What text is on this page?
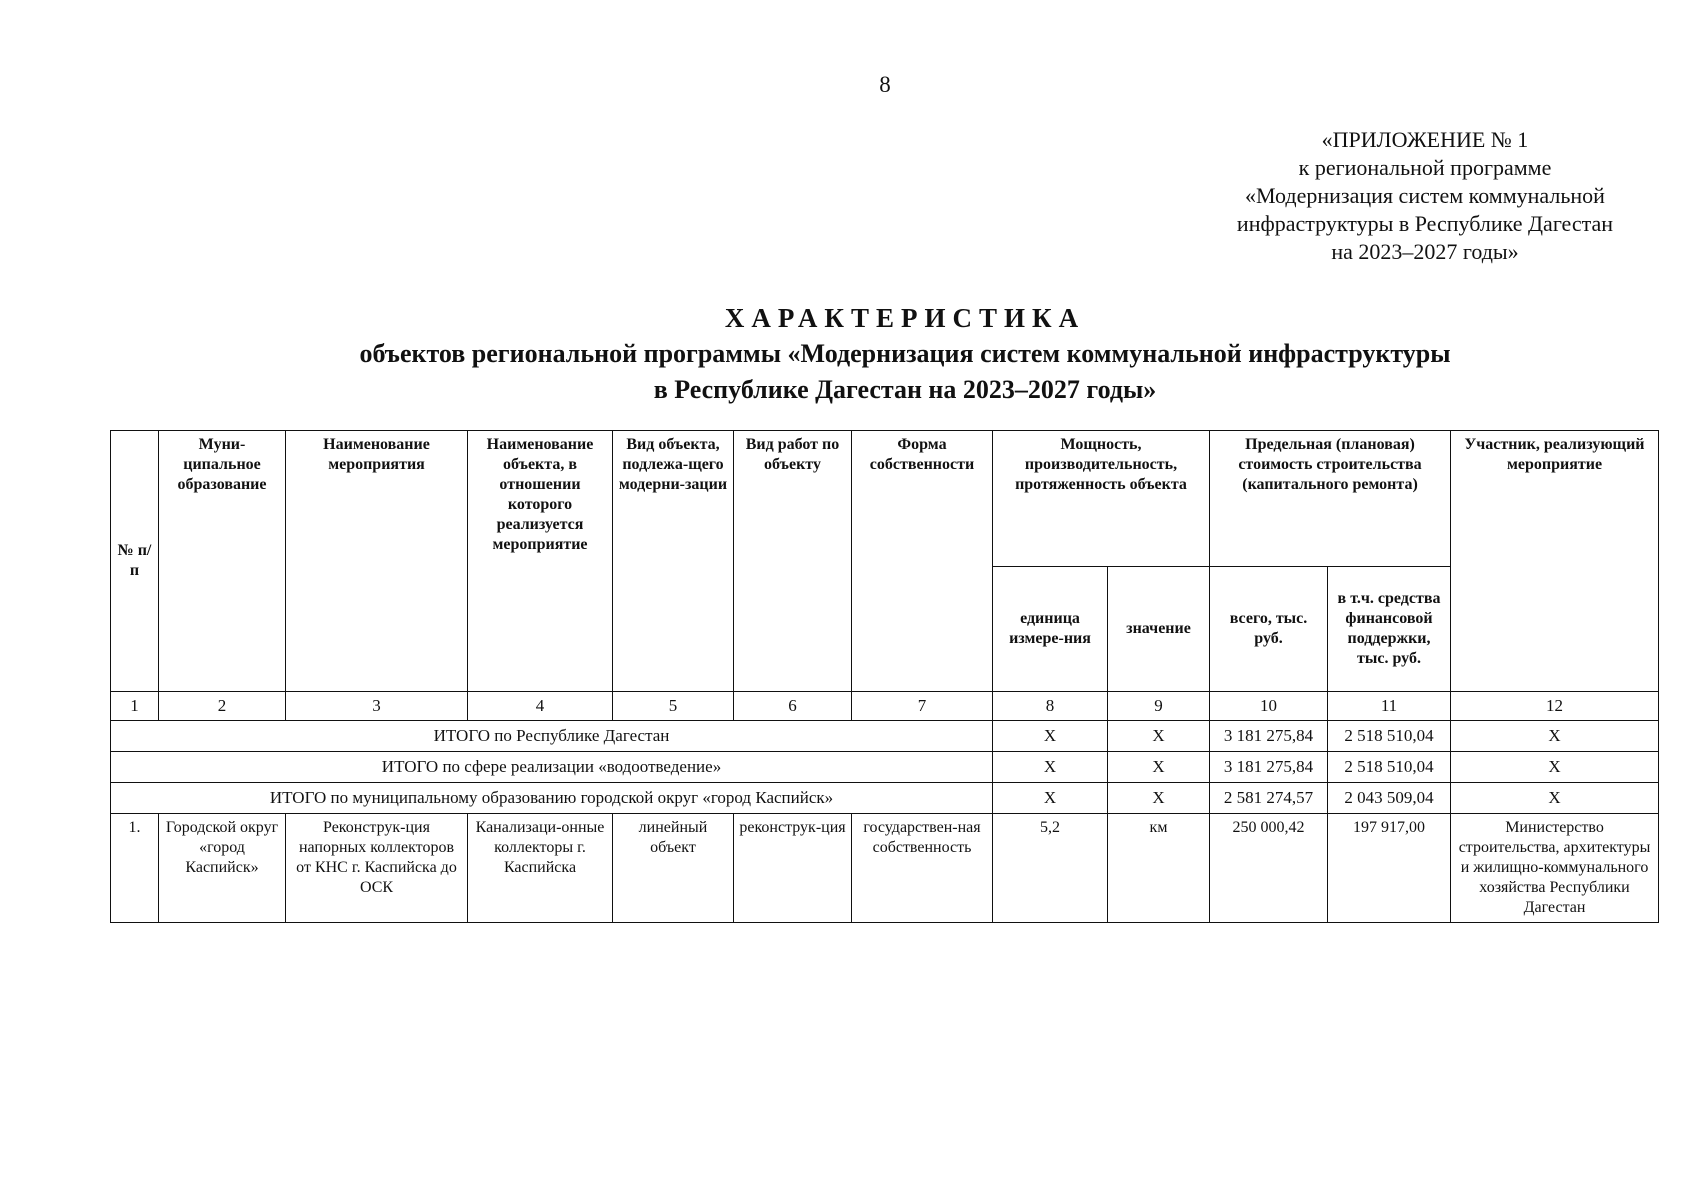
8
«ПРИЛОЖЕНИЕ № 1
к региональной программе
«Модернизация систем коммунальной
инфраструктуры в Республике Дагестан
на 2023–2027 годы»
ХАРАКТЕРИСТИКА
объектов региональной программы «Модернизация систем коммунальной инфраструктуры
в Республике Дагестан на 2023–2027 годы»
№ п/п	Муни-ципальное образование	Наименование мероприятия	Наименование объекта, в отношении которого реализуется мероприятие	Вид объекта, подлежа-щего модерни-зации	Вид работ по объекту	Форма собственности	Мощность, производительность, протяженность объекта		Предельная (плановая) стоимость строительства (капитального ремонта)		Участник, реализующий мероприятие
							единица измере-ния	значение	всего, тыс. руб.	в т.ч. средства финансовой поддержки, тыс. руб.	
1	2	3	4	5	6	7	8	9	10	11	12
ИТОГО по Республике Дагестан							X	X	3 181 275,84	2 518 510,04	X
ИТОГО по сфере реализации «водоотведение»							X	X	3 181 275,84	2 518 510,04	X
ИТОГО по муниципальному образованию городской округ «город Каспийск»							X	X	2 581 274,57	2 043 509,04	X
1.	Городской округ «город Каспийск»	Реконструк-ция напорных коллекторов от КНС г. Каспийска до ОСК	Канализаци-онные коллекторы г. Каспийска	линейный объект	реконструк-ция	государствен-ная собственность	5,2	км	250 000,42	197 917,00	Министерство строительства, архитектуры и жилищно-коммунального хозяйства Республики Дагестан
